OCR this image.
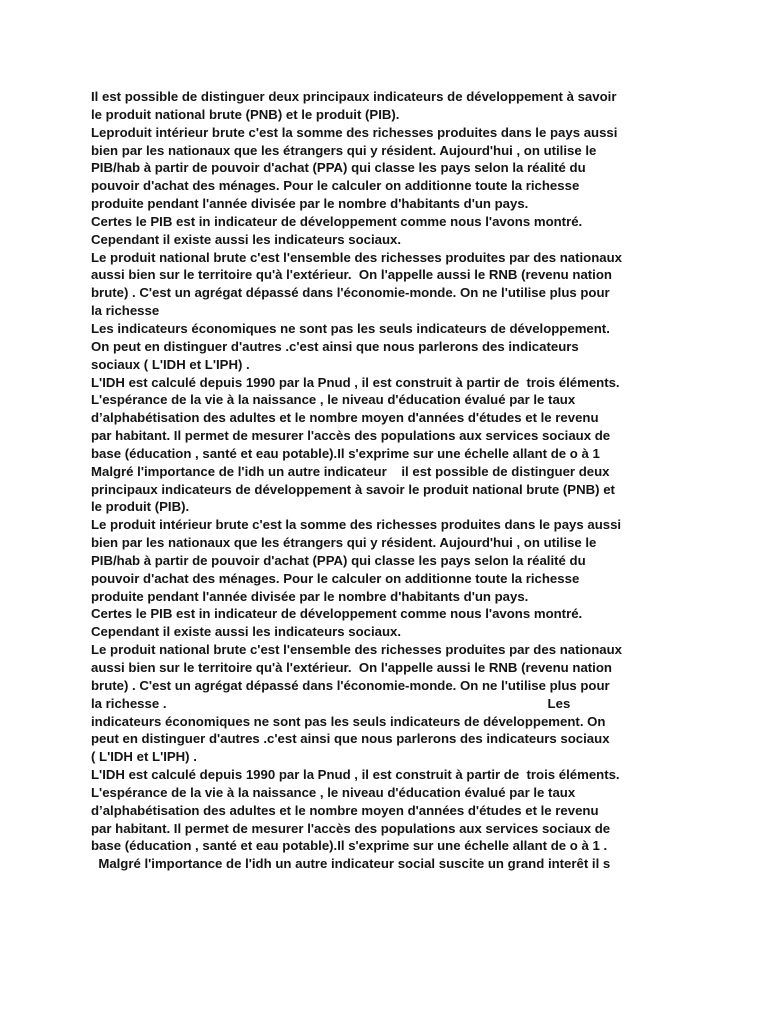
Il est possible de distinguer deux principaux indicateurs de développement à savoir
le produit national brute (PNB) et le produit (PIB).
Leproduit intérieur brute c'est la somme des richesses produites dans le pays aussi
bien par les nationaux que les étrangers qui y résident. Aujourd'hui , on utilise le
PIB/hab à partir de pouvoir d'achat (PPA) qui classe les pays selon la réalité du
pouvoir d'achat des ménages. Pour le calculer on additionne toute la richesse
produite pendant l'année divisée par le nombre d'habitants d'un pays.
Certes le PIB est in indicateur de développement comme nous l'avons montré.
Cependant il existe aussi les indicateurs sociaux.
Le produit national brute c'est l'ensemble des richesses produites par des nationaux
aussi bien sur le territoire qu'à l'extérieur.  On l'appelle aussi le RNB (revenu nation
brute) . C'est un agrégat dépassé dans l'économie-monde. On ne l'utilise plus pour
la richesse
Les indicateurs économiques ne sont pas les seuls indicateurs de développement.
On peut en distinguer d'autres .c'est ainsi que nous parlerons des indicateurs
sociaux ( L'IDH et L'IPH) .
L'IDH est calculé depuis 1990 par la Pnud , il est construit à partir de  trois éléments.
L'espérance de la vie à la naissance , le niveau d'éducation évalué par le taux
d’alphabétisation des adultes et le nombre moyen d'années d'études et le revenu
par habitant. Il permet de mesurer l'accès des populations aux services sociaux de
base (éducation , santé et eau potable).Il s'exprime sur une échelle allant de o à 1
Malgré l'importance de l'idh un autre indicateur    il est possible de distinguer deux
principaux indicateurs de développement à savoir le produit national brute (PNB) et
le produit (PIB).
Le produit intérieur brute c'est la somme des richesses produites dans le pays aussi
bien par les nationaux que les étrangers qui y résident. Aujourd'hui , on utilise le
PIB/hab à partir de pouvoir d'achat (PPA) qui classe les pays selon la réalité du
pouvoir d'achat des ménages. Pour le calculer on additionne toute la richesse
produite pendant l'année divisée par le nombre d'habitants d'un pays.
Certes le PIB est in indicateur de développement comme nous l'avons montré.
Cependant il existe aussi les indicateurs sociaux.
Le produit national brute c'est l'ensemble des richesses produites par des nationaux
aussi bien sur le territoire qu'à l'extérieur.  On l'appelle aussi le RNB (revenu nation
brute) . C'est un agrégat dépassé dans l'économie-monde. On ne l'utilise plus pour
la richesse .                                                                                                        Les
indicateurs économiques ne sont pas les seuls indicateurs de développement. On
peut en distinguer d'autres .c'est ainsi que nous parlerons des indicateurs sociaux
( L'IDH et L'IPH) .
L'IDH est calculé depuis 1990 par la Pnud , il est construit à partir de  trois éléments.
L'espérance de la vie à la naissance , le niveau d'éducation évalué par le taux
d’alphabétisation des adultes et le nombre moyen d'années d'études et le revenu
par habitant. Il permet de mesurer l'accès des populations aux services sociaux de
base (éducation , santé et eau potable).Il s'exprime sur une échelle allant de o à 1 .
Malgré l'importance de l'idh un autre indicateur social suscite un grand interêt il s
